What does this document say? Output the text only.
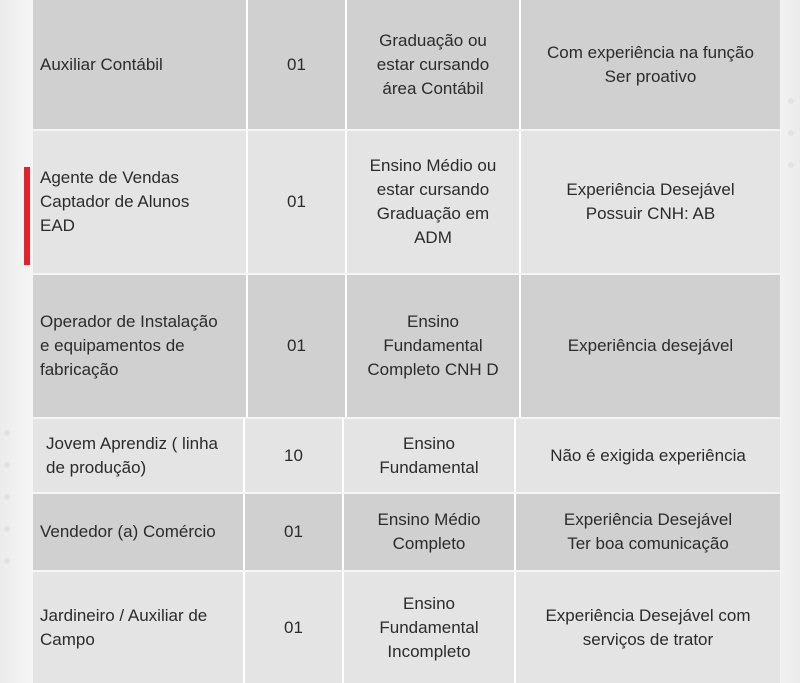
Auxiliar Contábil	01
Graduação ou
estar cursando
área Contábil
Com experiência na função
Ser proativo
Agente de Vendas
Captador de Alunos
EAD
01
Ensino Médio ou
estar cursando
Graduação em
ADM
Experiência Desejável
Possuir CNH: AB
Operador de Instalação
e equipamentos de
fabricação
01
Ensino
Fundamental
Completo CNH D
Experiência desejável
Jovem Aprendiz ( linha
de produção)
10
Ensino
Fundamental
Não é exigida experiência
Vendedor (a) Comércio	01
Ensino Médio
Completo
Experiência Desejável
Ter boa comunicação
Jardineiro / Auxiliar de
Campo
01
Ensino
Fundamental
Incompleto
Experiência Desejável com
serviços de trator
